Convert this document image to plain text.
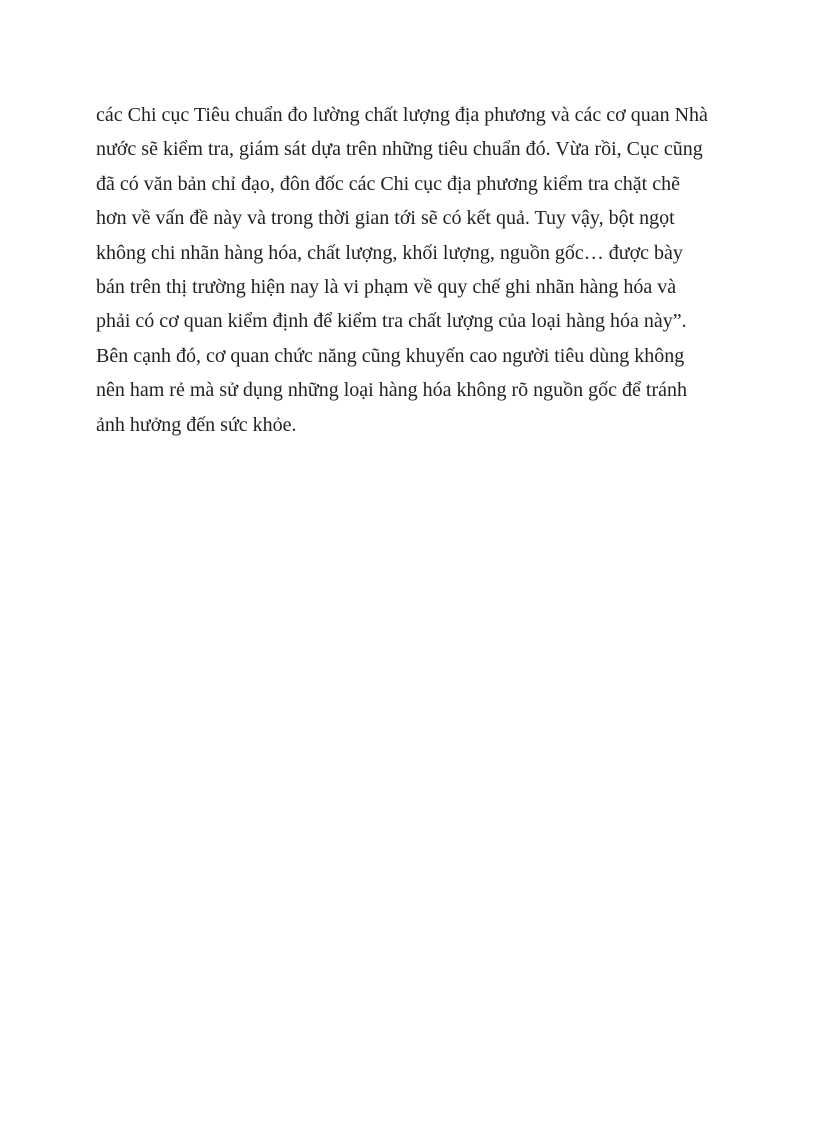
các Chi cục Tiêu chuẩn đo lường chất lượng địa phương và các cơ quan Nhà
nước sẽ kiểm tra, giám sát dựa trên những tiêu chuẩn đó. Vừa rồi, Cục cũng
đã có văn bản chỉ đạo, đôn đốc các Chi cục địa phương kiểm tra chặt chẽ
hơn về vấn đề này và trong thời gian tới sẽ có kết quả. Tuy vậy, bột ngọt
không chi nhãn hàng hóa, chất lượng, khối lượng, nguồn gốc… được bày
bán trên thị trường hiện nay là vi phạm về quy chế ghi nhãn hàng hóa và
phải có cơ quan kiểm định để kiểm tra chất lượng của loại hàng hóa này”.
Bên cạnh đó, cơ quan chức năng cũng khuyến cao người tiêu dùng không
nên ham rẻ mà sử dụng những loại hàng hóa không rõ nguồn gốc để tránh
ảnh hưởng đến sức khỏe.
